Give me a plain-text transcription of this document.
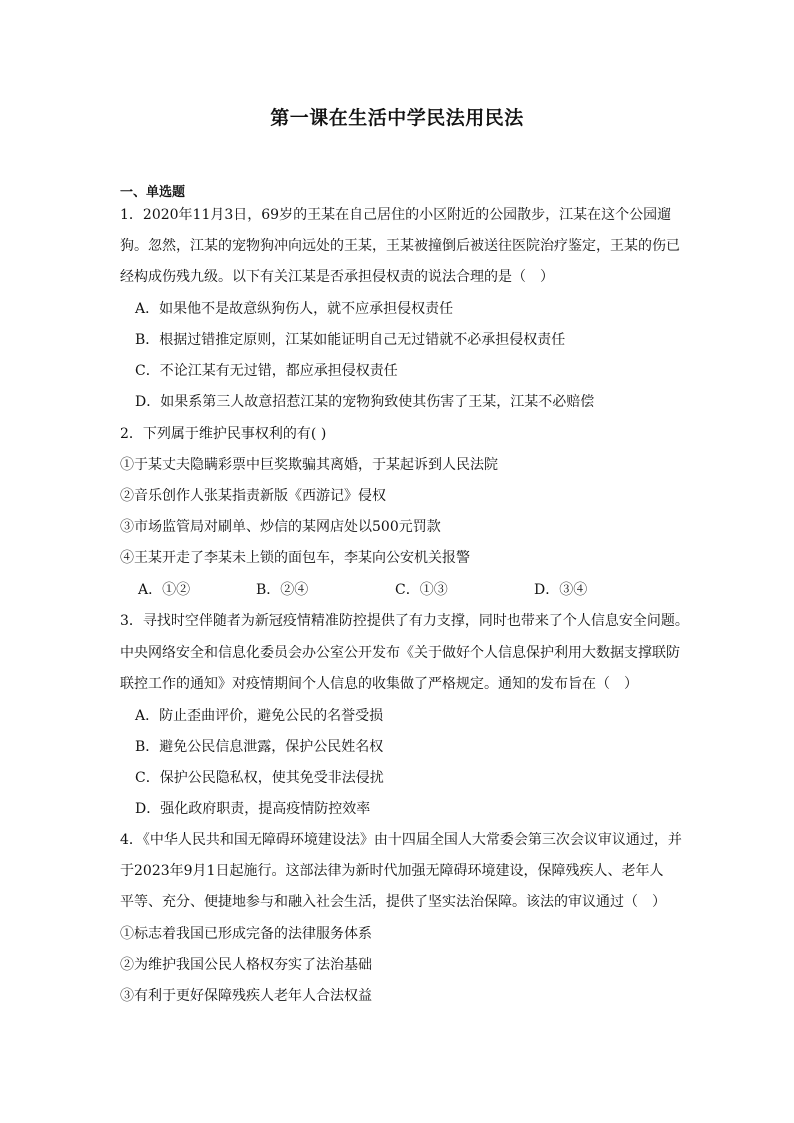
第一课在生活中学民法用民法
一、单选题
1．2020年11月3日，69岁的王某在自己居住的小区附近的公园散步，江某在这个公园遛
狗。忽然，江某的宠物狗冲向远处的王某，王某被撞倒后被送往医院治疗鉴定，王某的伤已
经构成伤残九级。以下有关江某是否承担侵权责的说法合理的是（　）
A．如果他不是故意纵狗伤人，就不应承担侵权责任
B．根据过错推定原则，江某如能证明自己无过错就不必承担侵权责任
C．不论江某有无过错，都应承担侵权责任
D．如果系第三人故意招惹江某的宠物狗致使其伤害了王某，江某不必赔偿
2．下列属于维护民事权利的有( )
①于某丈夫隐瞒彩票中巨奖欺骗其离婚，于某起诉到人民法院
②音乐创作人张某指责新版《西游记》侵权
③市场监管局对刷单、炒信的某网店处以500元罚款
④王某开走了李某未上锁的面包车，李某向公安机关报警
A．①②	B．②④	C．①③	D．③④
3．寻找时空伴随者为新冠疫情精准防控提供了有力支撑，同时也带来了个人信息安全问题。
中央网络安全和信息化委员会办公室公开发布《关于做好个人信息保护利用大数据支撑联防
联控工作的通知》对疫情期间个人信息的收集做了严格规定。通知的发布旨在（　）
A．防止歪曲评价，避免公民的名誉受损
B．避免公民信息泄露，保护公民姓名权
C．保护公民隐私权，使其免受非法侵扰
D．强化政府职责，提高疫情防控效率
4．《中华人民共和国无障碍环境建设法》由十四届全国人大常委会第三次会议审议通过，并
于2023年9月1日起施行。这部法律为新时代加强无障碍环境建设，保障残疾人、老年人
平等、充分、便捷地参与和融入社会生活，提供了坚实法治保障。该法的审议通过（　）
①标志着我国已形成完备的法律服务体系
②为维护我国公民人格权夯实了法治基础
③有利于更好保障残疾人老年人合法权益
